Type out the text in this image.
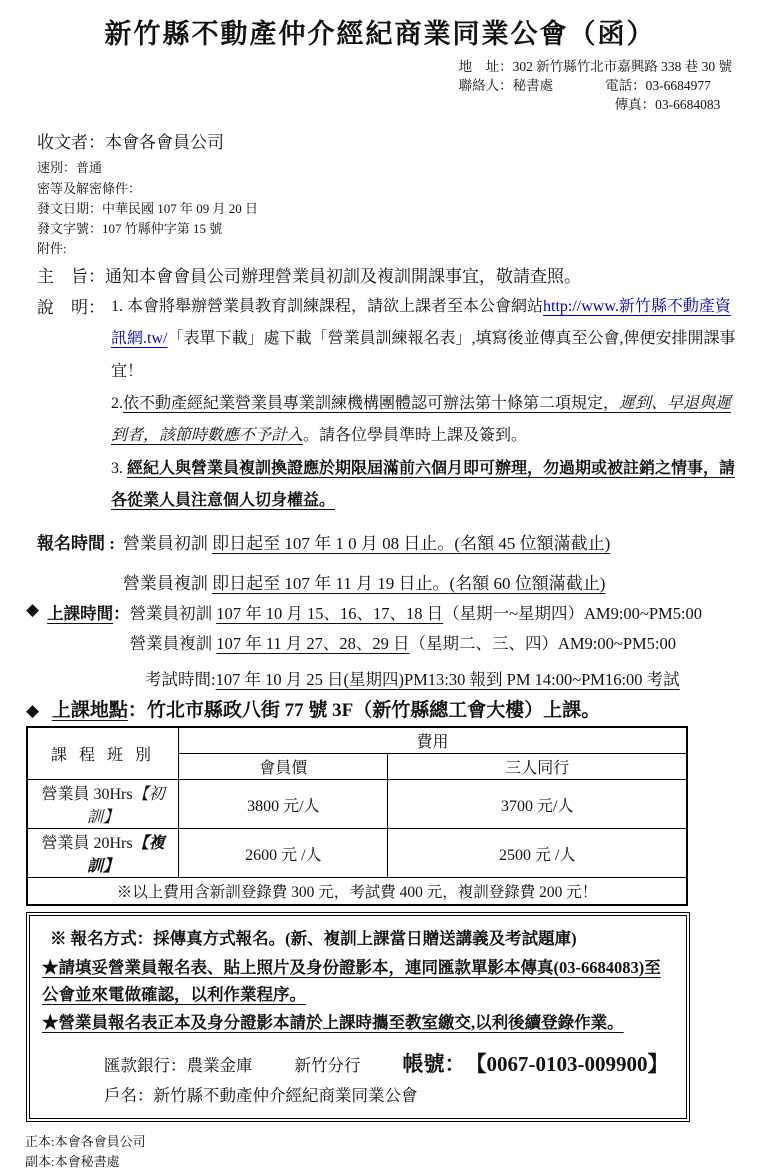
新竹縣不動產仲介經紀商業同業公會（函）
地　址：302 新竹縣竹北市嘉興路 338 巷 30 號
聯絡人：秘書處	電話：03-6684977
傳真：03-6684083
收文者：本會各會員公司
速別：普通
密等及解密條件：
發文日期：中華民國 107 年 09 月 20 日
發文字號：107 竹縣仲字第 15 號
附件:
主　旨：通知本會會員公司辦理營業員初訓及複訓開課事宜，敬請查照。
說　明： 1. 本會將舉辦營業員教育訓練課程，請欲上課者至本公會網站http://www.新竹縣不動產資訊網.tw/「表單下載」處下載「營業員訓練報名表」,填寫後並傳真至公會,俾便安排開課事宜！

2.依不動產經紀業營業員專業訓練機構團體認可辦法第十條第二項規定，遲到、早退與遲到者，該節時數應不予計入。請各位學員準時上課及簽到。

3. 經紀人與營業員複訓換證應於期限屆滿前六個月即可辦理，勿過期或被註銷之情事，請各從業人員注意個人切身權益。

報名時間 : 營業員初訓 即日起至 107 年 1 0 月 08 日止。(名額 45 位額滿截止)
營業員複訓 即日起至 107 年 11 月 19 日止。(名額 60 位額滿截止)
◆ 上課時間 ： 營業員初訓 107 年 10 月 15、16、17、18 日（星期一~星期四）AM9:00~PM5:00
營業員複訓 107 年 11 月 27、28、29 日（星期二、三、四）AM9:00~PM5:00
考試時間:107 年 10 月 25 日(星期四)PM13:30 報到 PM 14:00~PM16:00 考試
◆ 上課地點：竹北市縣政八街 77 號 3F（新竹縣總工會大樓）上課。
課 程 班 別	費用	
	會員價	三人同行
營業員 30Hrs【初訓】	3800 元/人	3700 元/人
營業員 20Hrs【複訓】	2600 元 /人	2500 元 /人
※以上費用含新訓登錄費 300 元，考試費 400 元，複訓登錄費 200 元！		
※ 報名方式：採傳真方式報名。(新、複訓上課當日贈送講義及考試題庫)
★請填妥營業員報名表、貼上照片及身份證影本，連同匯款單影本傳真(03-6684083)至公會並來電做確認，以利作業程序。
★營業員報名表正本及身分證影本請於上課時攜至教室繳交,以利後續登錄作業。
匯款銀行：農業金庫	新竹分行 帳號： 【0067-0103-009900】
戶名：新竹縣不動產仲介經紀商業同業公會
正本:本會各會員公司
副本:本會秘書處
